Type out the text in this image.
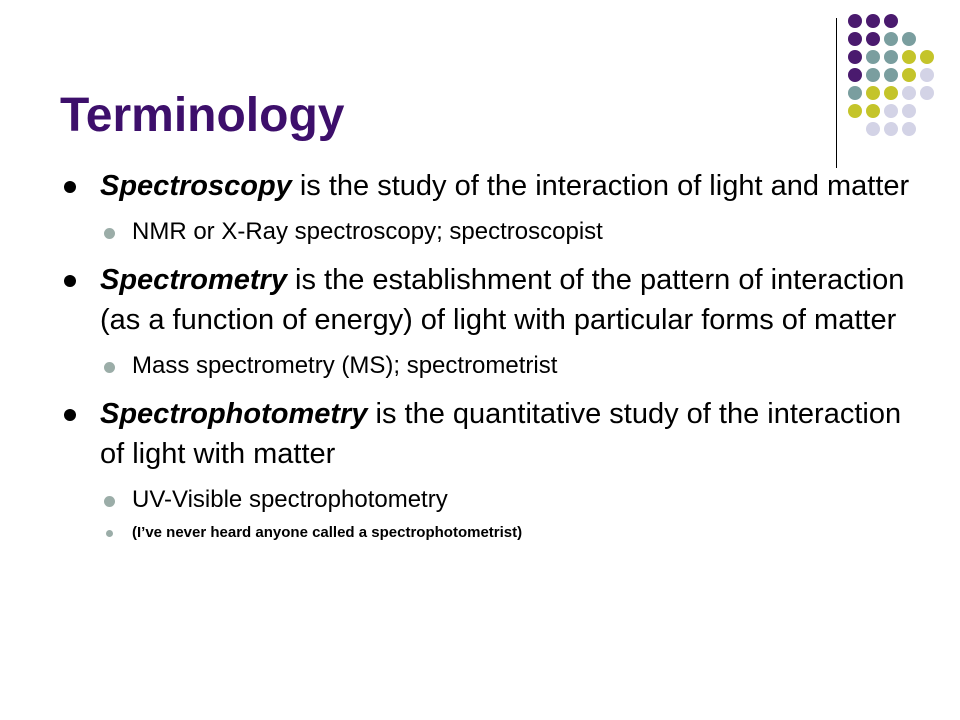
Terminology
Spectroscopy is the study of the interaction of light and matter
NMR or X-Ray spectroscopy; spectroscopist
Spectrometry is the establishment of the pattern of interaction (as a function of energy) of light with particular forms of matter
Mass spectrometry (MS); spectrometrist
Spectrophotometry is the quantitative study of the interaction of light with matter
UV-Visible spectrophotometry
(I’ve never heard anyone called a spectrophotometrist)
